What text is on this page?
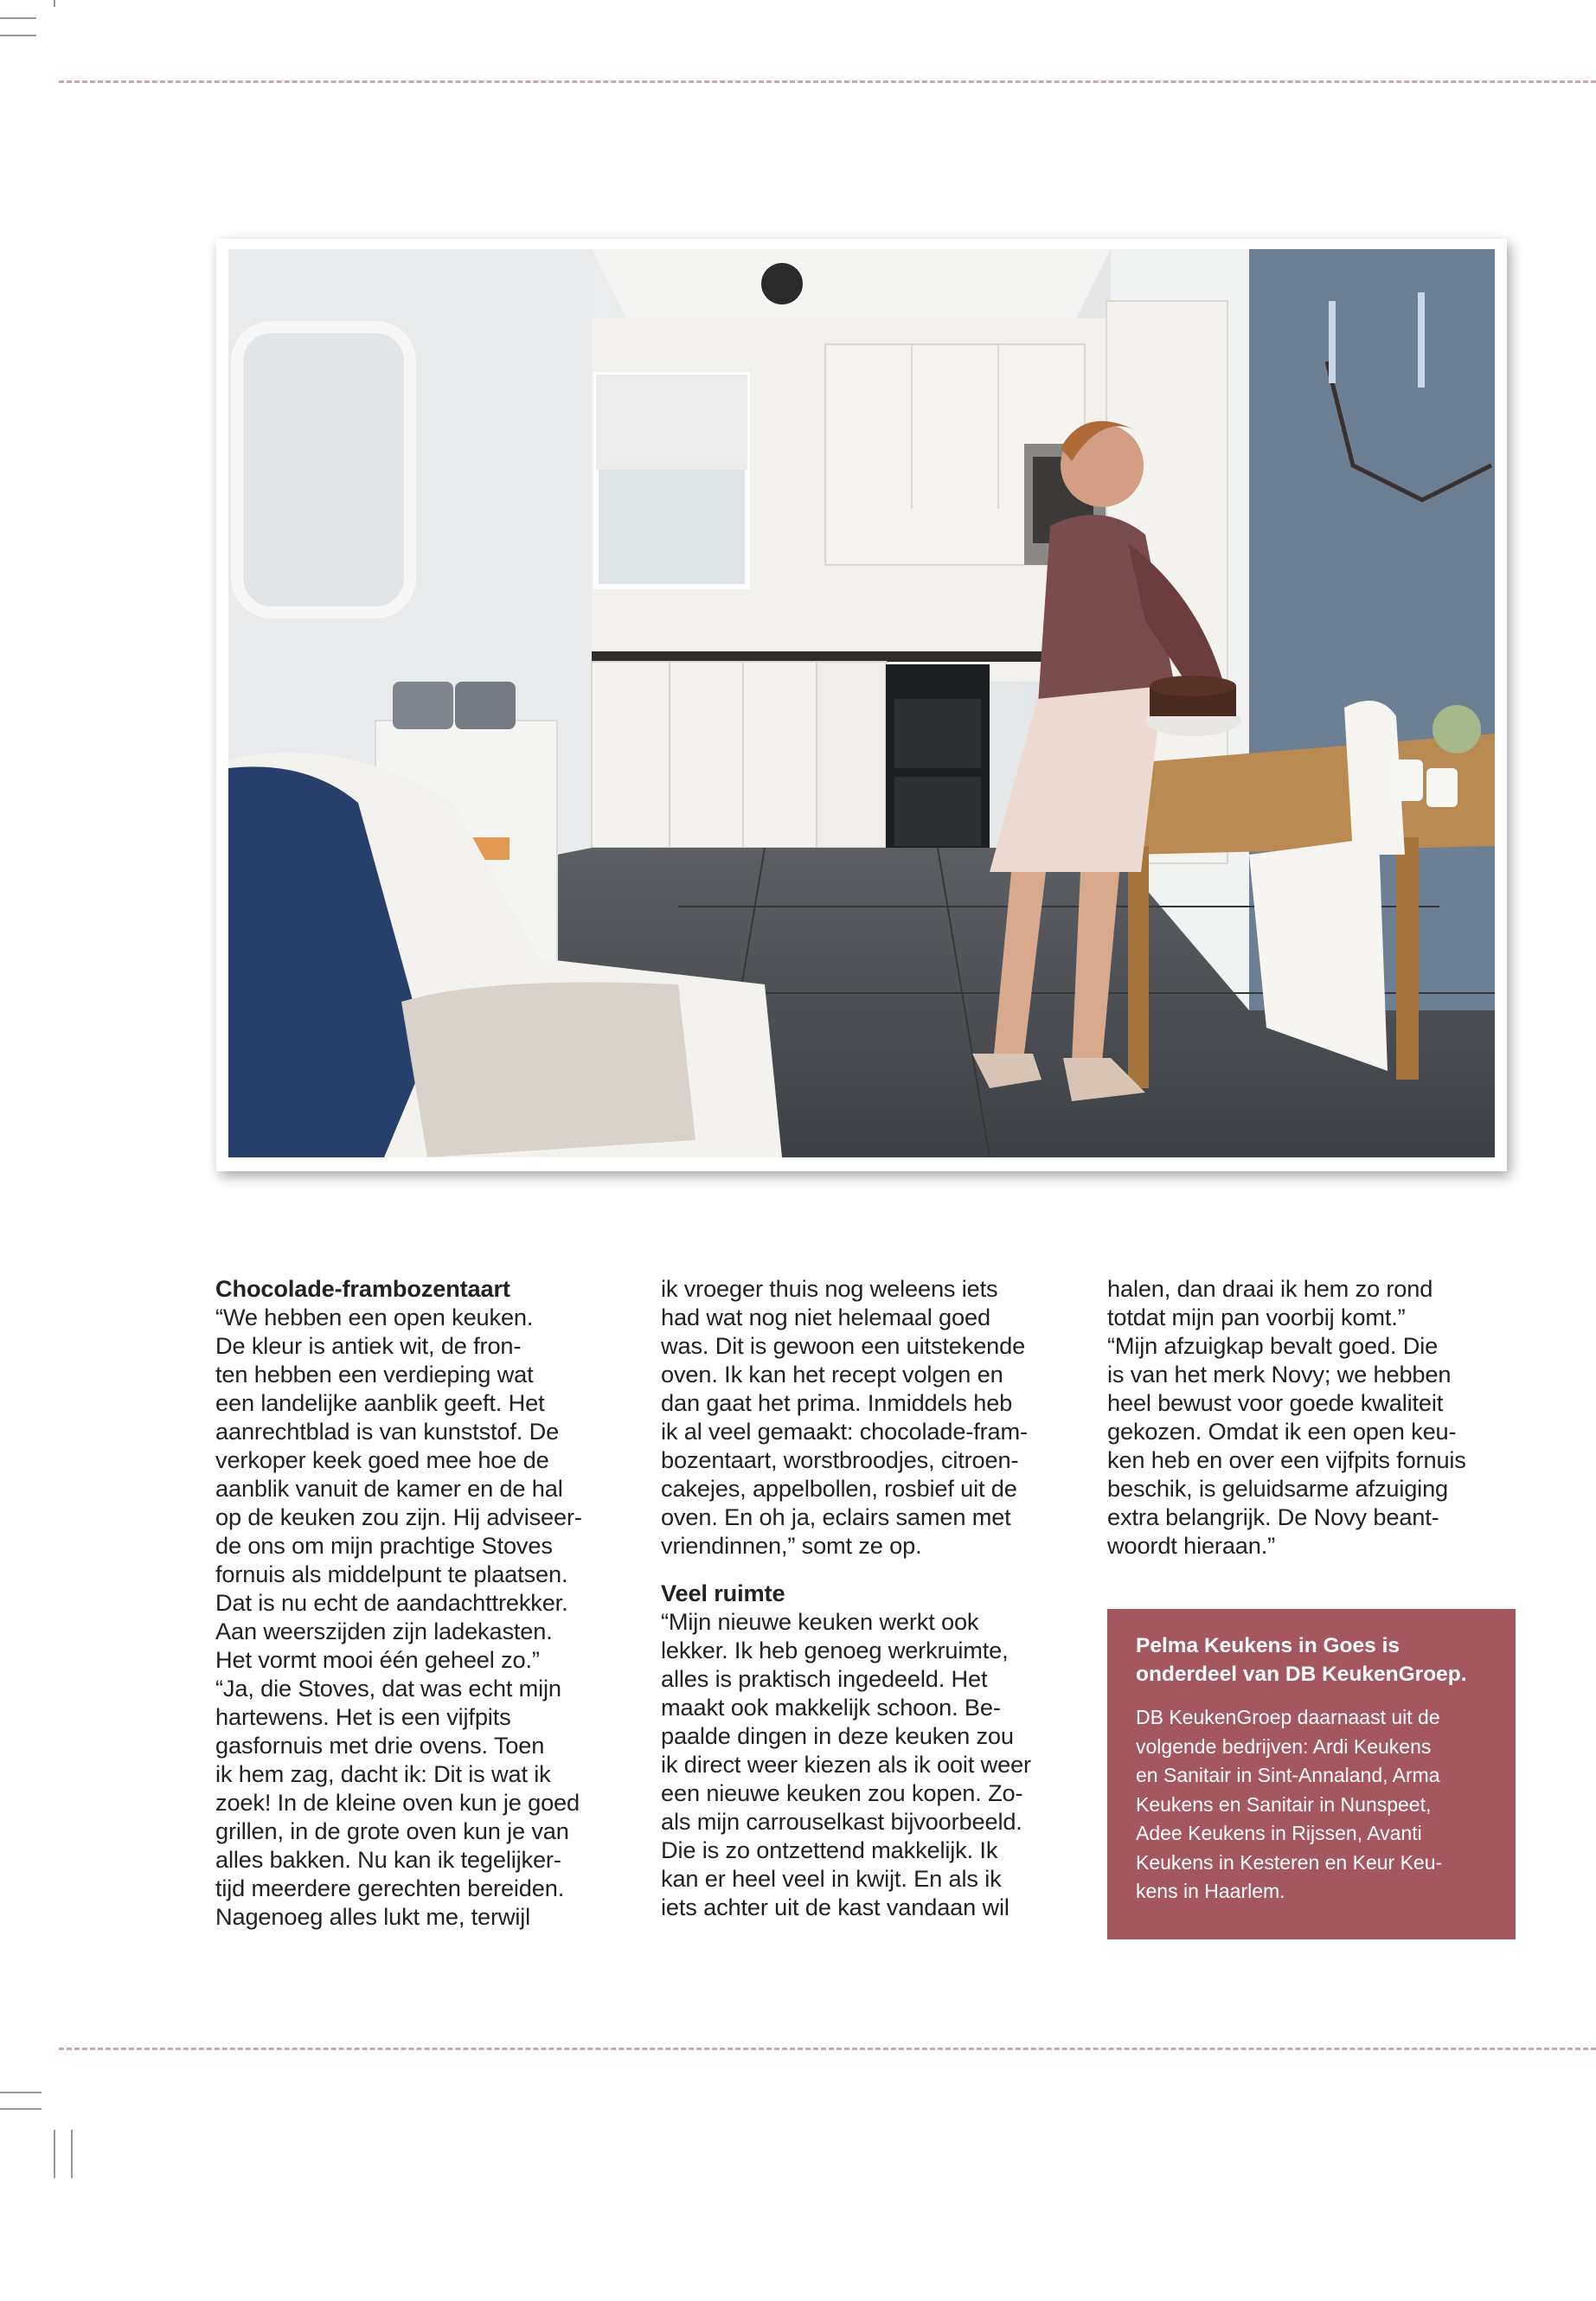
Chocolade-frambozentaart
“We hebben een open keuken.
De kleur is antiek wit, de fron-
ten hebben een verdieping wat
een landelijke aanblik geeft. Het
aanrechtblad is van kunststof. De
verkoper keek goed mee hoe de
aanblik vanuit de kamer en de hal
op de keuken zou zijn. Hij adviseer-
de ons om mijn prachtige Stoves
fornuis als middelpunt te plaatsen.
Dat is nu echt de aandachttrekker.
Aan weerszijden zijn ladekasten.
Het vormt mooi één geheel zo.”
“Ja, die Stoves, dat was echt mijn
hartewens. Het is een vijfpits
gasfornuis met drie ovens. Toen
ik hem zag, dacht ik: Dit is wat ik
zoek! In de kleine oven kun je goed
grillen, in de grote oven kun je van
alles bakken. Nu kan ik tegelijker-
tijd meerdere gerechten bereiden.
Nagenoeg alles lukt me, terwijl
ik vroeger thuis nog weleens iets
had wat nog niet helemaal goed
was. Dit is gewoon een uitstekende
oven. Ik kan het recept volgen en
dan gaat het prima. Inmiddels heb
ik al veel gemaakt: chocolade-fram-
bozentaart, worstbroodjes, citroen-
cakejes, appelbollen, rosbief uit de
oven. En oh ja, eclairs samen met
vriendinnen,” somt ze op.
Veel ruimte
“Mijn nieuwe keuken werkt ook
lekker. Ik heb genoeg werkruimte,
alles is praktisch ingedeeld. Het
maakt ook makkelijk schoon. Be-
paalde dingen in deze keuken zou
ik direct weer kiezen als ik ooit weer
een nieuwe keuken zou kopen. Zo-
als mijn carrouselkast bijvoorbeeld.
Die is zo ontzettend makkelijk. Ik
kan er heel veel in kwijt. En als ik
iets achter uit de kast vandaan wil
halen, dan draai ik hem zo rond
totdat mijn pan voorbij komt.”
“Mijn afzuigkap bevalt goed. Die
is van het merk Novy; we hebben
heel bewust voor goede kwaliteit
gekozen. Omdat ik een open keu-
ken heb en over een vijfpits fornuis
beschik, is geluidsarme afzuiging
extra belangrijk. De Novy beant-
woordt hieraan.”
Pelma Keukens in Goes is
onderdeel van DB KeukenGroep.
DB KeukenGroep daarnaast uit de
volgende bedrijven: Ardi Keukens
en Sanitair in Sint-Annaland, Arma
Keukens en Sanitair in Nunspeet,
Adee Keukens in Rijssen, Avanti
Keukens in Kesteren en Keur Keu-
kens in Haarlem.
